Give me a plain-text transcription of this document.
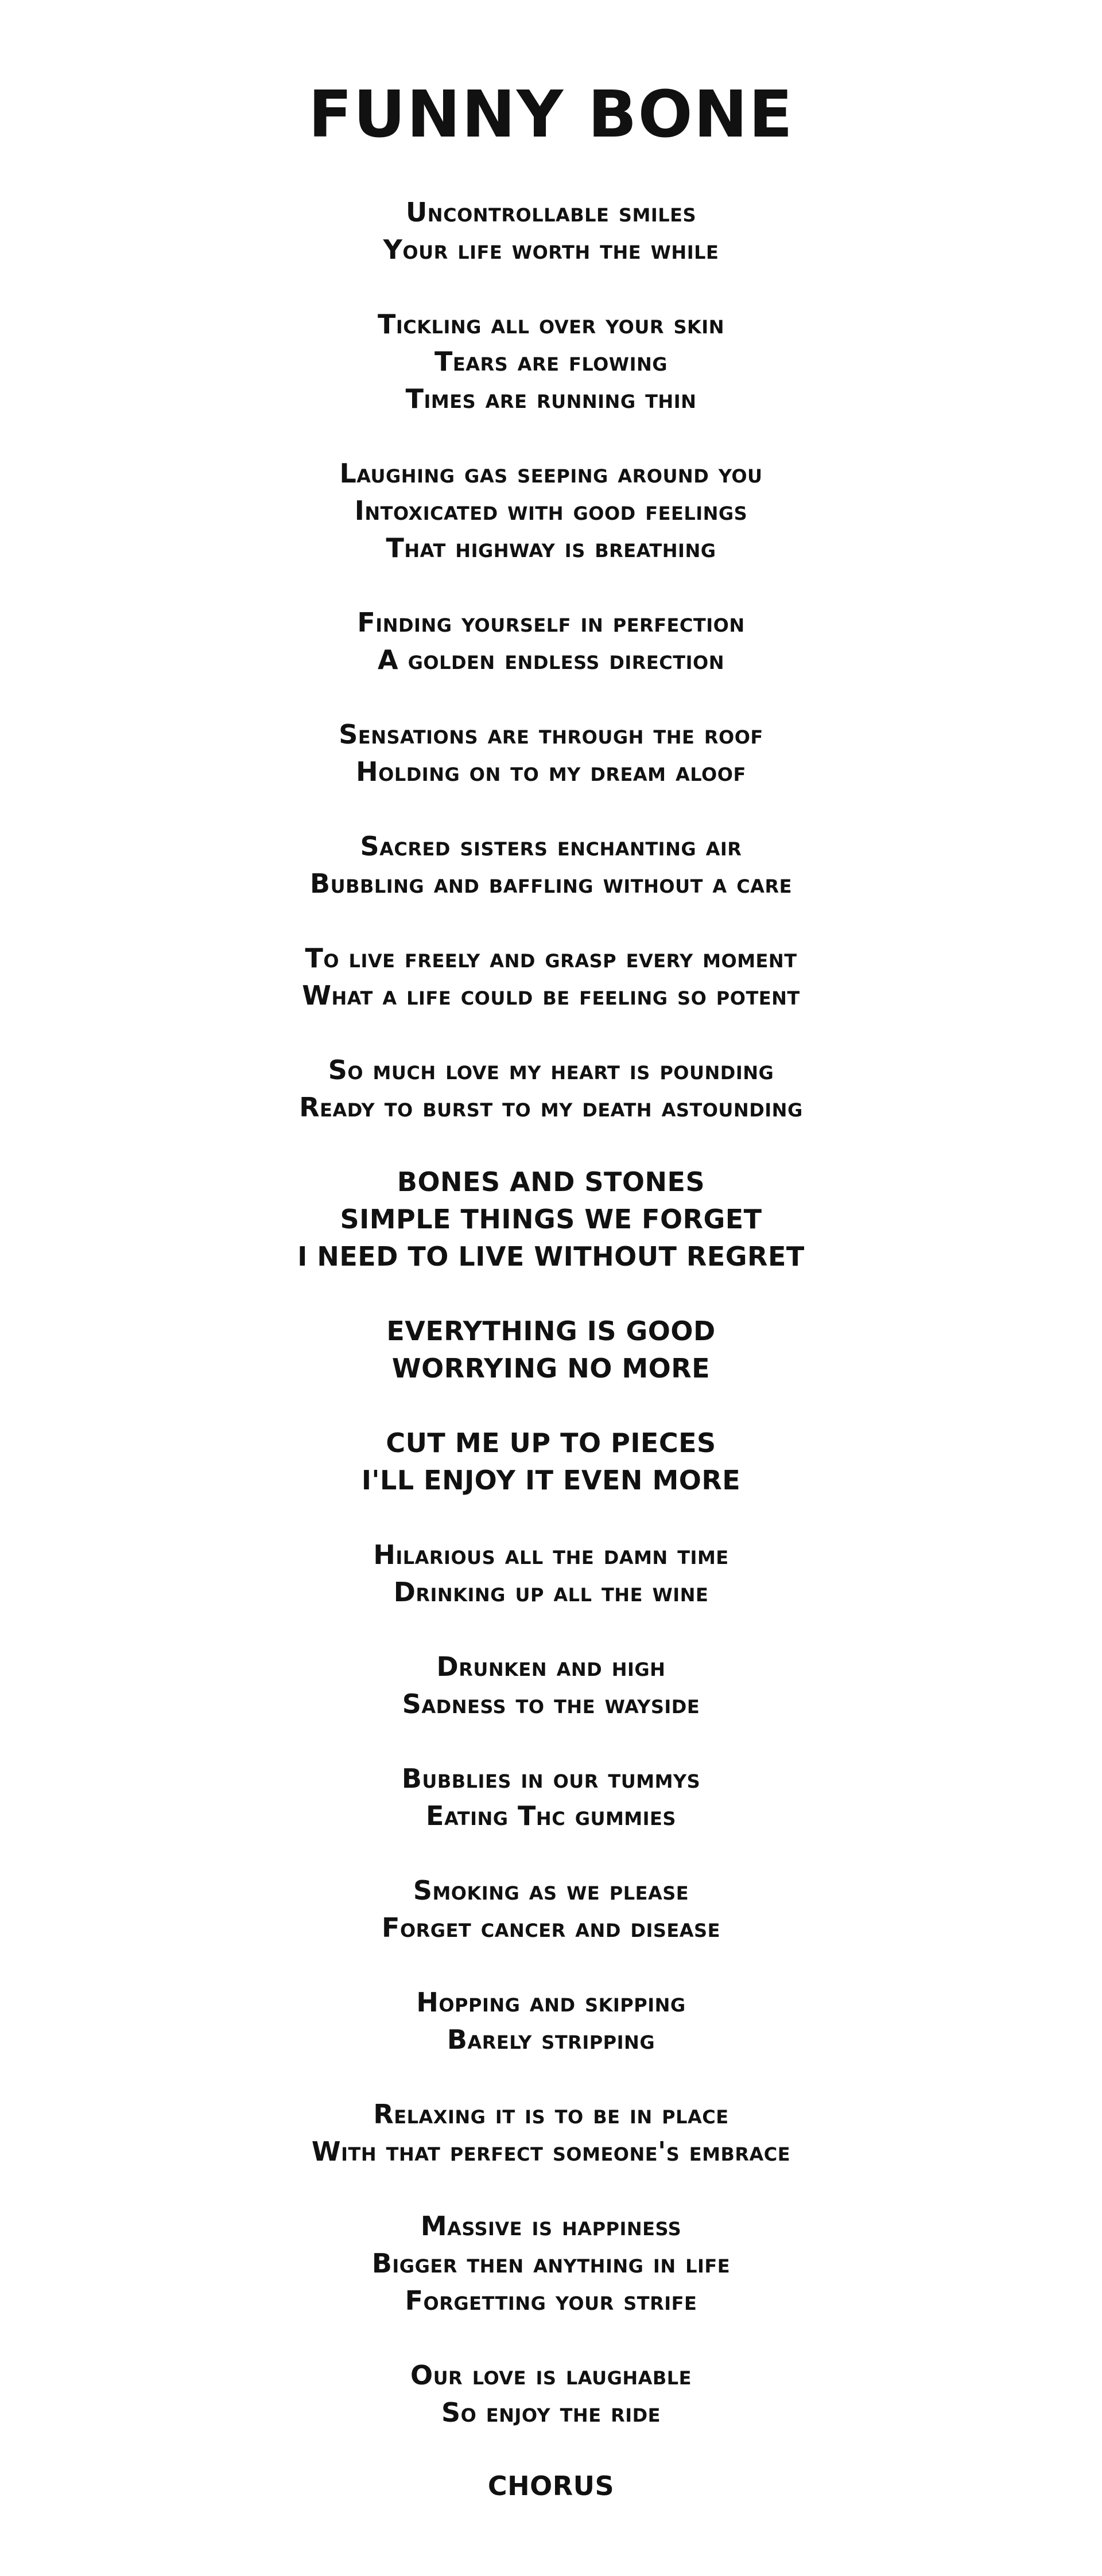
FUNNY BONE
Uncontrollable smiles
Your life worth the while
Tickling all over your skin
Tears are flowing
Times are running thin
Laughing gas seeping around you
Intoxicated with good feelings
That highway is breathing
Finding yourself in perfection
A golden endless direction
Sensations are through the roof
Holding on to my dream aloof
Sacred sisters enchanting air
Bubbling and baffling without a care
To live freely and grasp every moment
What a life could be feeling so potent
So much love my heart is pounding
Ready to burst to my death astounding
BONES AND STONES
SIMPLE THINGS WE FORGET
I NEED TO LIVE WITHOUT REGRET
EVERYTHING IS GOOD
WORRYING NO MORE
CUT ME UP TO PIECES
I'LL ENJOY IT EVEN MORE
Hilarious all the damn time
Drinking up all the wine
Drunken and high
Sadness to the wayside
Bubblies in our tummys
Eating Thc gummies
Smoking as we please
Forget cancer and disease
Hopping and skipping
Barely stripping
Relaxing it is to be in place
With that perfect someone's embrace
Massive is happiness
Bigger then anything in life
Forgetting your strife
Our love is laughable
So enjoy the ride
CHORUS
